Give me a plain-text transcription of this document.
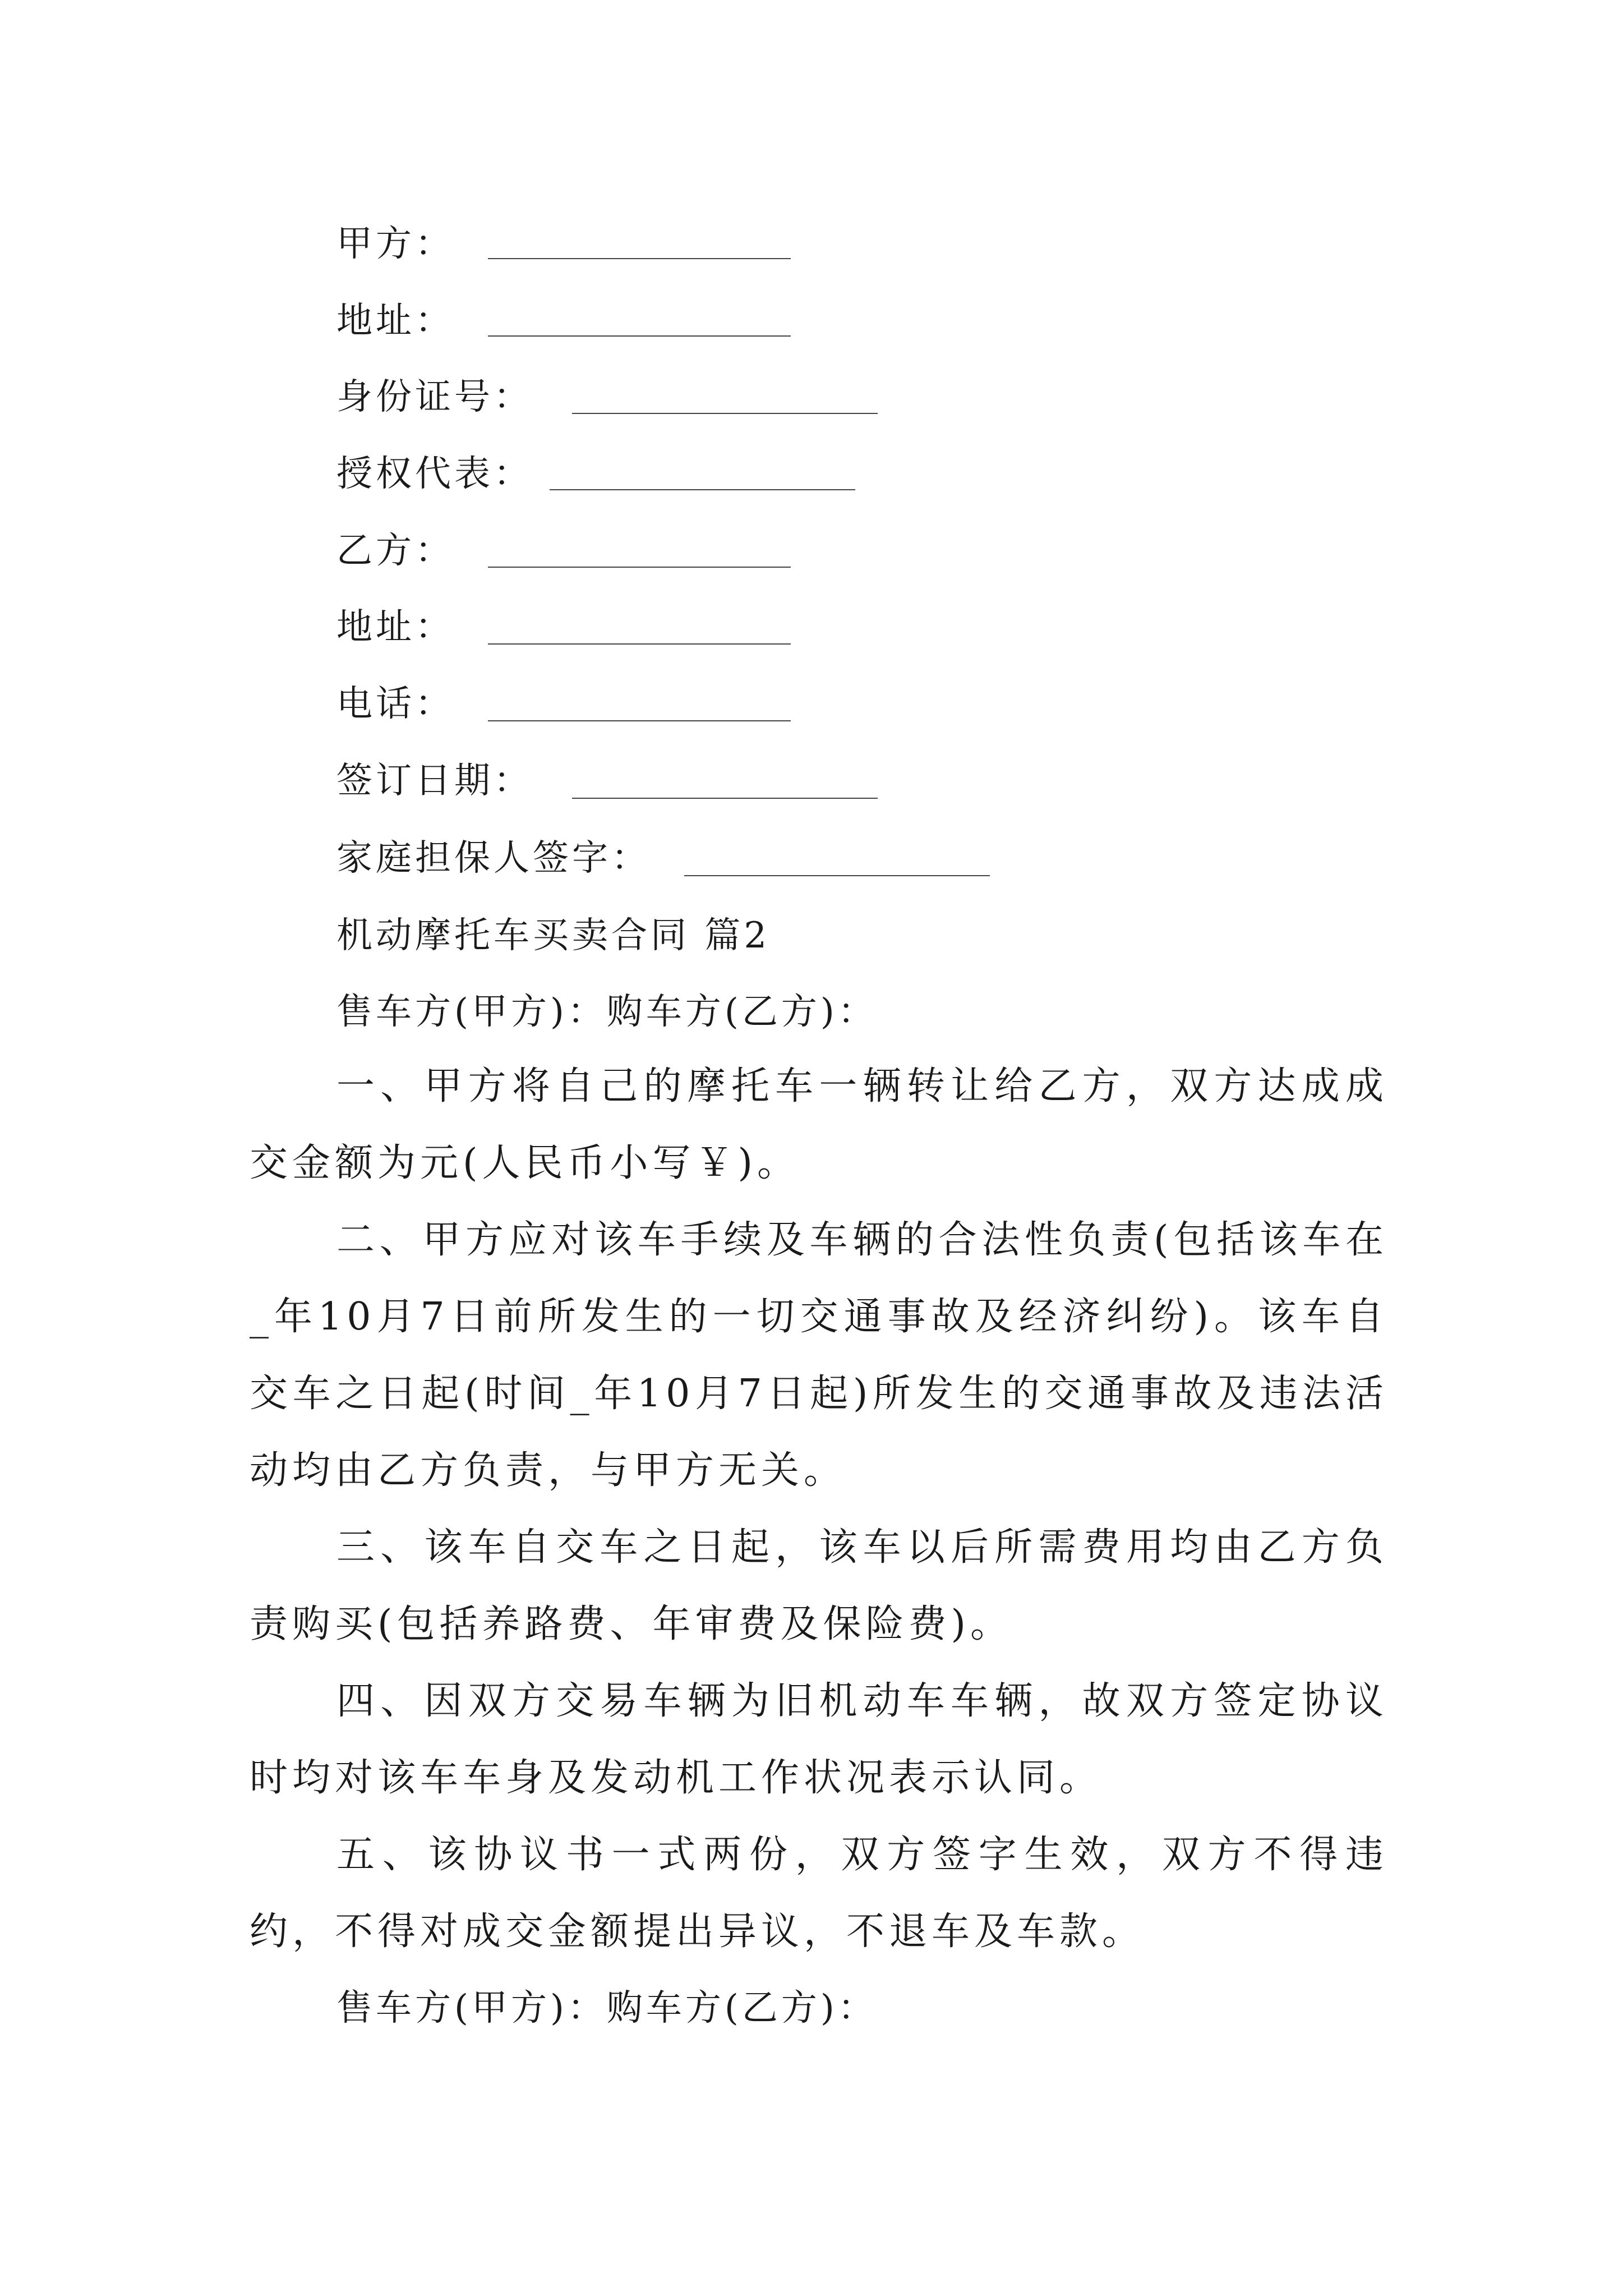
甲方：
地址：
身份证号：
授权代表：
乙方：
地址：
电话：
签订日期：
家庭担保人签字：
机动摩托车买卖合同 篇2
售车方(甲方)：购车方(乙方)：
一、甲方将自己的摩托车一辆转让给乙方，双方达成成交金额为元(人民币小写￥)。
二、甲方应对该车手续及车辆的合法性负责(包括该车在_年10月7日前所发生的一切交通事故及经济纠纷)。该车自交车之日起(时间_年10月7日起)所发生的交通事故及违法活动均由乙方负责，与甲方无关。
三、该车自交车之日起，该车以后所需费用均由乙方负责购买(包括养路费、年审费及保险费)。
四、因双方交易车辆为旧机动车车辆，故双方签定协议时均对该车车身及发动机工作状况表示认同。
五、该协议书一式两份，双方签字生效，双方不得违约，不得对成交金额提出异议，不退车及车款。
售车方(甲方)：购车方(乙方)：
